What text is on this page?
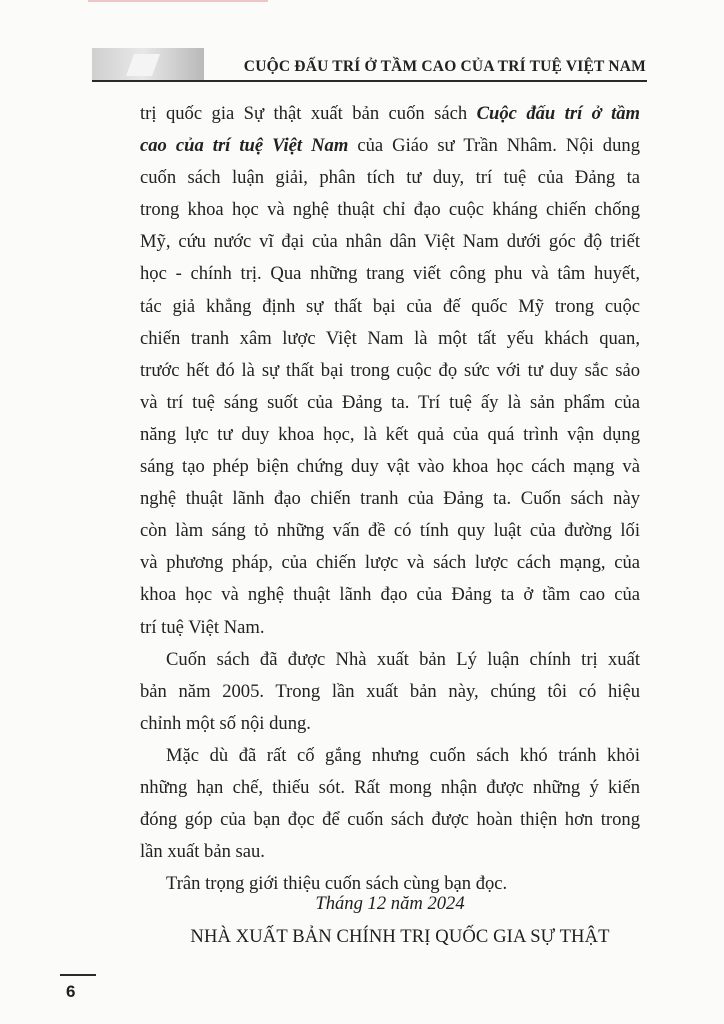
CUỘC ĐẤU TRÍ Ở TẦM CAO CỦA TRÍ TUỆ VIỆT NAM
trị quốc gia Sự thật xuất bản cuốn sách Cuộc đấu trí ở tầm
cao của trí tuệ Việt Nam của Giáo sư Trần Nhâm. Nội dung
cuốn sách luận giải, phân tích tư duy, trí tuệ của Đảng ta
trong khoa học và nghệ thuật chỉ đạo cuộc kháng chiến chống
Mỹ, cứu nước vĩ đại của nhân dân Việt Nam dưới góc độ triết
học - chính trị. Qua những trang viết công phu và tâm huyết,
tác giả khẳng định sự thất bại của đế quốc Mỹ trong cuộc
chiến tranh xâm lược Việt Nam là một tất yếu khách quan,
trước hết đó là sự thất bại trong cuộc đọ sức với tư duy sắc sảo
và trí tuệ sáng suốt của Đảng ta. Trí tuệ ấy là sản phẩm của
năng lực tư duy khoa học, là kết quả của quá trình vận dụng
sáng tạo phép biện chứng duy vật vào khoa học cách mạng và
nghệ thuật lãnh đạo chiến tranh của Đảng ta. Cuốn sách này
còn làm sáng tỏ những vấn đề có tính quy luật của đường lối
và phương pháp, của chiến lược và sách lược cách mạng, của
khoa học và nghệ thuật lãnh đạo của Đảng ta ở tầm cao của
trí tuệ Việt Nam.
Cuốn sách đã được Nhà xuất bản Lý luận chính trị xuất
bản năm 2005. Trong lần xuất bản này, chúng tôi có hiệu
chỉnh một số nội dung.
Mặc dù đã rất cố gắng nhưng cuốn sách khó tránh khỏi
những hạn chế, thiếu sót. Rất mong nhận được những ý kiến
đóng góp của bạn đọc để cuốn sách được hoàn thiện hơn trong
lần xuất bản sau.
Trân trọng giới thiệu cuốn sách cùng bạn đọc.
Tháng 12 năm 2024
NHÀ XUẤT BẢN CHÍNH TRỊ QUỐC GIA SỰ THẬT
6
